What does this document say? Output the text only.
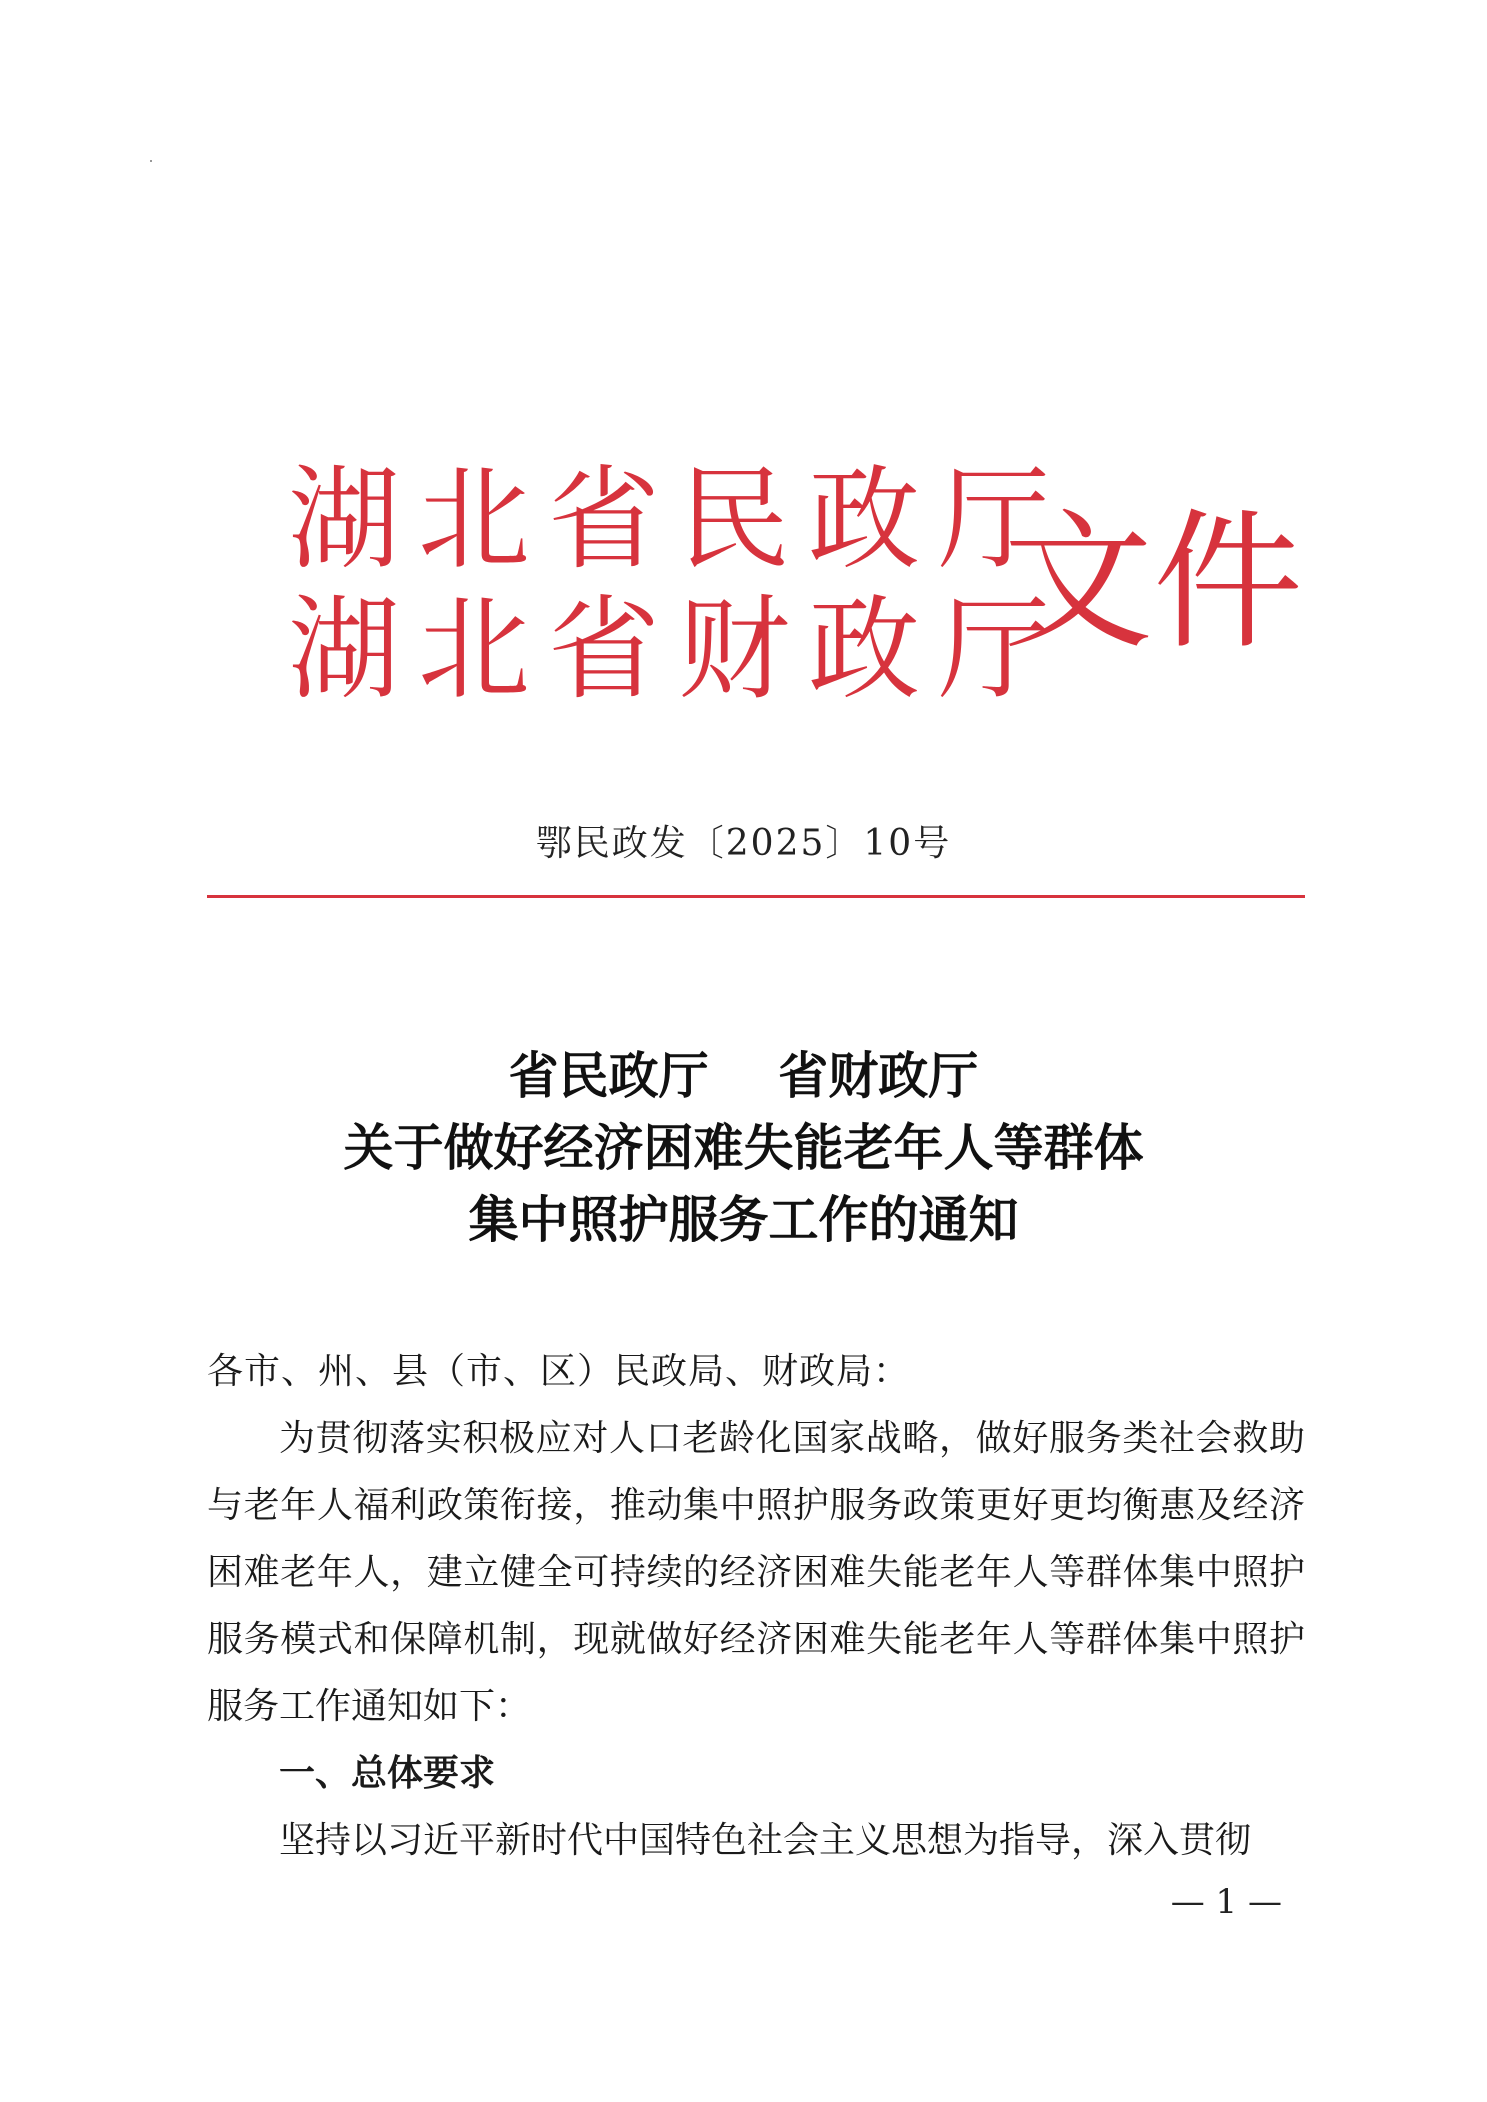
湖北省民政厅
湖北省财政厅
文件
鄂民政发〔2025〕10号
省民政厅    省财政厅
关于做好经济困难失能老年人等群体
集中照护服务工作的通知

各市、州、县（市、区）民政局、财政局：

为贯彻落实积极应对人口老龄化国家战略，做好服务类社会救助与老年人福利政策衔接，推动集中照护服务政策更好更均衡惠及经济困难老年人，建立健全可持续的经济困难失能老年人等群体集中照护服务模式和保障机制，现就做好经济困难失能老年人等群体集中照护服务工作通知如下：

一、总体要求

坚持以习近平新时代中国特色社会主义思想为指导，深入贯彻

— 1 —
